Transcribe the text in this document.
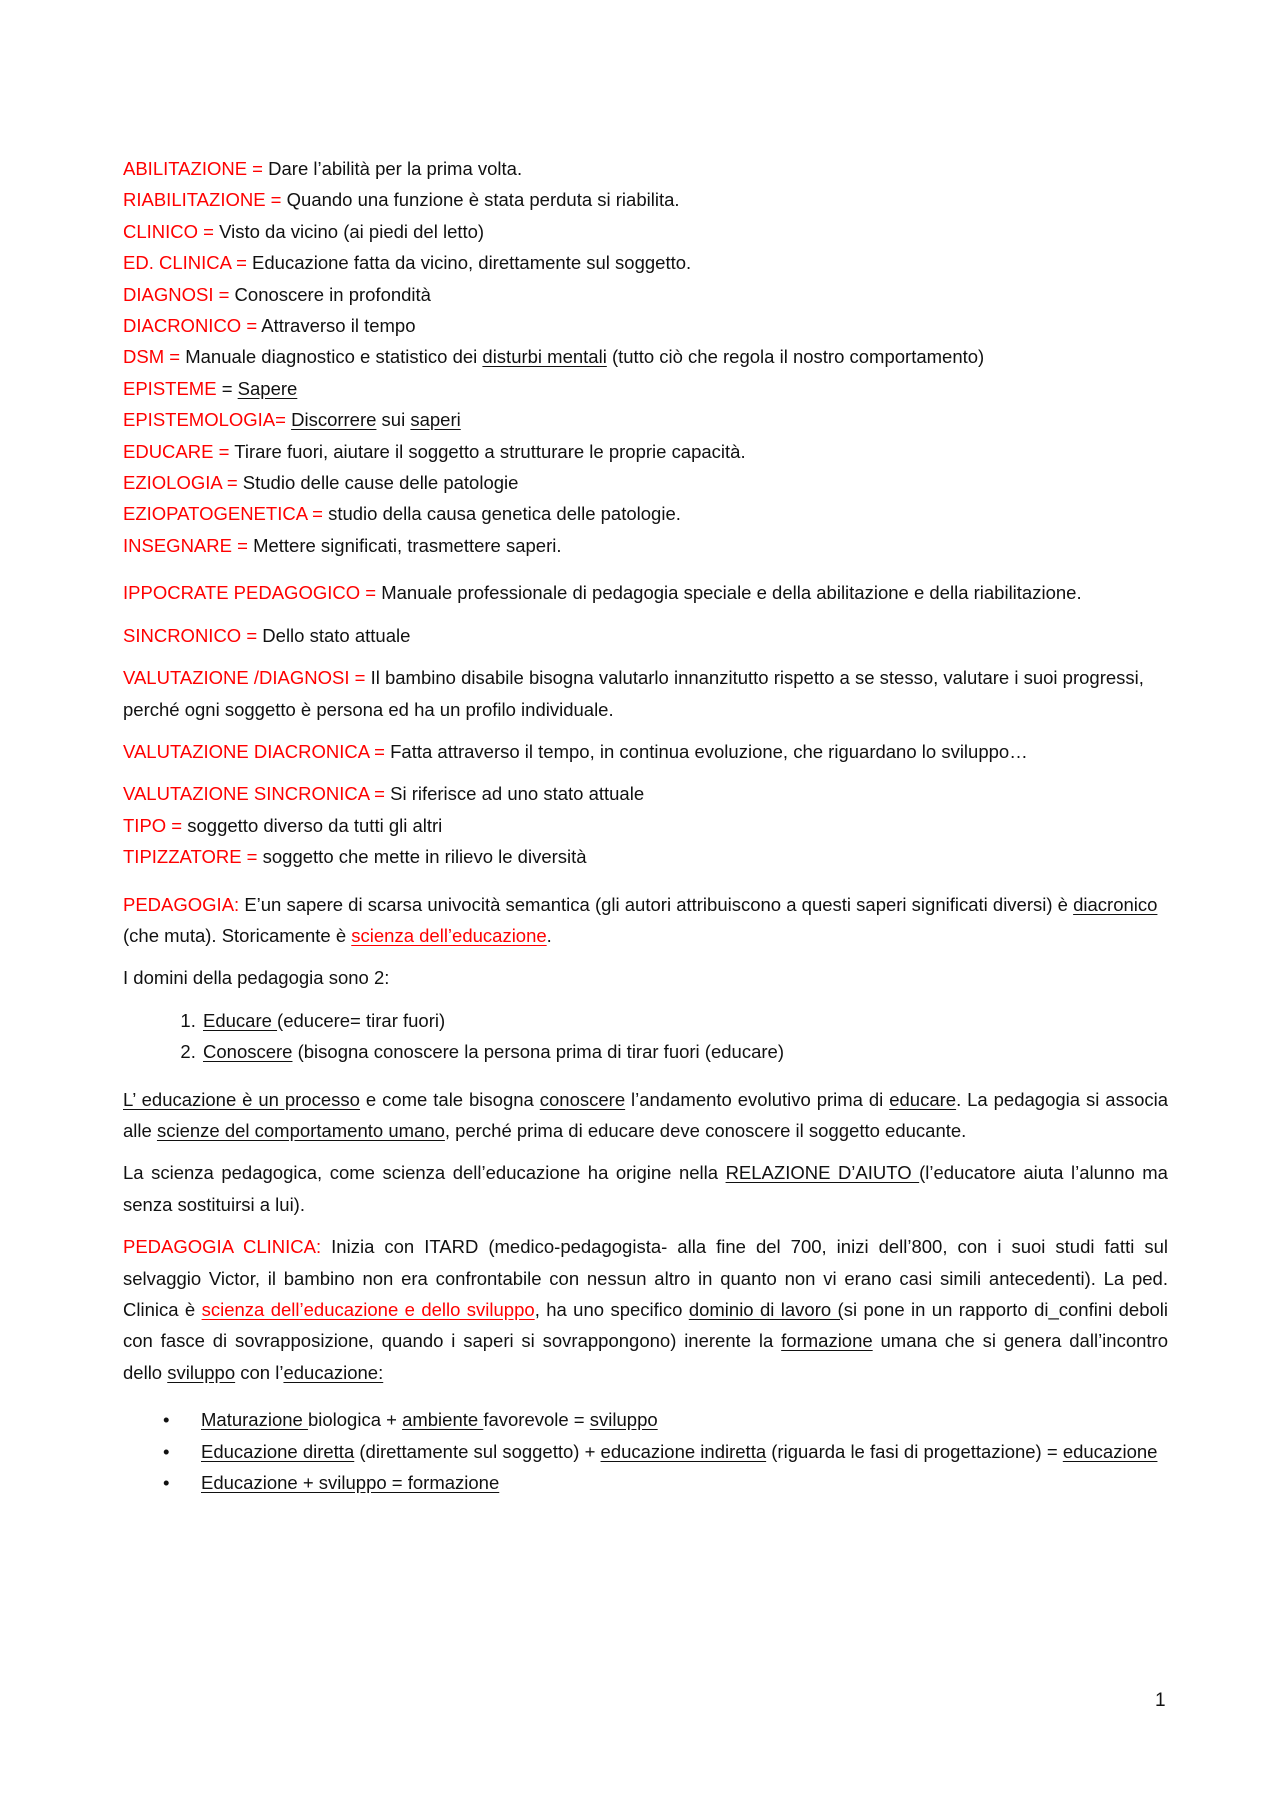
ABILITAZIONE = Dare l’abilità per la prima volta.

RIABILITAZIONE = Quando una funzione è stata perduta si riabilita.

CLINICO = Visto da vicino (ai piedi del letto)

ED. CLINICA = Educazione fatta da vicino, direttamente sul soggetto.

DIAGNOSI = Conoscere in profondità

DIACRONICO = Attraverso il tempo

DSM = Manuale diagnostico e statistico dei disturbi mentali (tutto ciò che regola il nostro comportamento)

EPISTEME = Sapere

EPISTEMOLOGIA= Discorrere sui saperi

EDUCARE = Tirare fuori, aiutare il soggetto a strutturare le proprie capacità.

EZIOLOGIA = Studio delle cause delle patologie

EZIOPATOGENETICA = studio della causa genetica delle patologie.

INSEGNARE = Mettere significati, trasmettere saperi.

IPPOCRATE PEDAGOGICO = Manuale professionale di pedagogia speciale e della abilitazione e della riabilitazione.

SINCRONICO = Dello stato attuale

VALUTAZIONE /DIAGNOSI = Il bambino disabile bisogna valutarlo innanzitutto rispetto a se stesso, valutare i suoi progressi, perché ogni soggetto è persona ed ha un profilo individuale.

VALUTAZIONE DIACRONICA = Fatta attraverso il tempo, in continua evoluzione, che riguardano lo sviluppo…

VALUTAZIONE SINCRONICA = Si riferisce ad uno stato attuale

TIPO = soggetto diverso da tutti gli altri

TIPIZZATORE = soggetto che mette in rilievo le diversità

PEDAGOGIA: E’un sapere di scarsa univocità semantica (gli autori attribuiscono a questi saperi significati diversi) è diacronico (che muta). Storicamente è scienza dell’educazione.

I domini della pedagogia sono 2:

1. Educare (educere= tirar fuori)
2. Conoscere (bisogna conoscere la persona prima di tirar fuori (educare)

L’ educazione è un processo e come tale bisogna conoscere l’andamento evolutivo prima di educare. La pedagogia si associa alle scienze del comportamento umano, perché prima di educare deve conoscere il soggetto educante.

La scienza pedagogica, come scienza dell’educazione ha origine nella RELAZIONE D’AIUTO (l’educatore aiuta l’alunno ma senza sostituirsi a lui).

PEDAGOGIA CLINICA: Inizia con ITARD (medico-pedagogista- alla fine del 700, inizi dell’800, con i suoi studi fatti sul selvaggio Victor, il bambino non era confrontabile con nessun altro in quanto non vi erano casi simili antecedenti). La ped. Clinica è scienza dell’educazione e dello sviluppo, ha uno specifico dominio di lavoro (si pone in un rapporto di_confini deboli con fasce di sovrapposizione, quando i saperi si sovrappongono) inerente la formazione umana che si genera dall’incontro dello sviluppo con l’educazione:

• Maturazione biologica + ambiente favorevole = sviluppo
• Educazione diretta (direttamente sul soggetto) + educazione indiretta (riguarda le fasi di progettazione) = educazione
• Educazione + sviluppo = formazione
1
